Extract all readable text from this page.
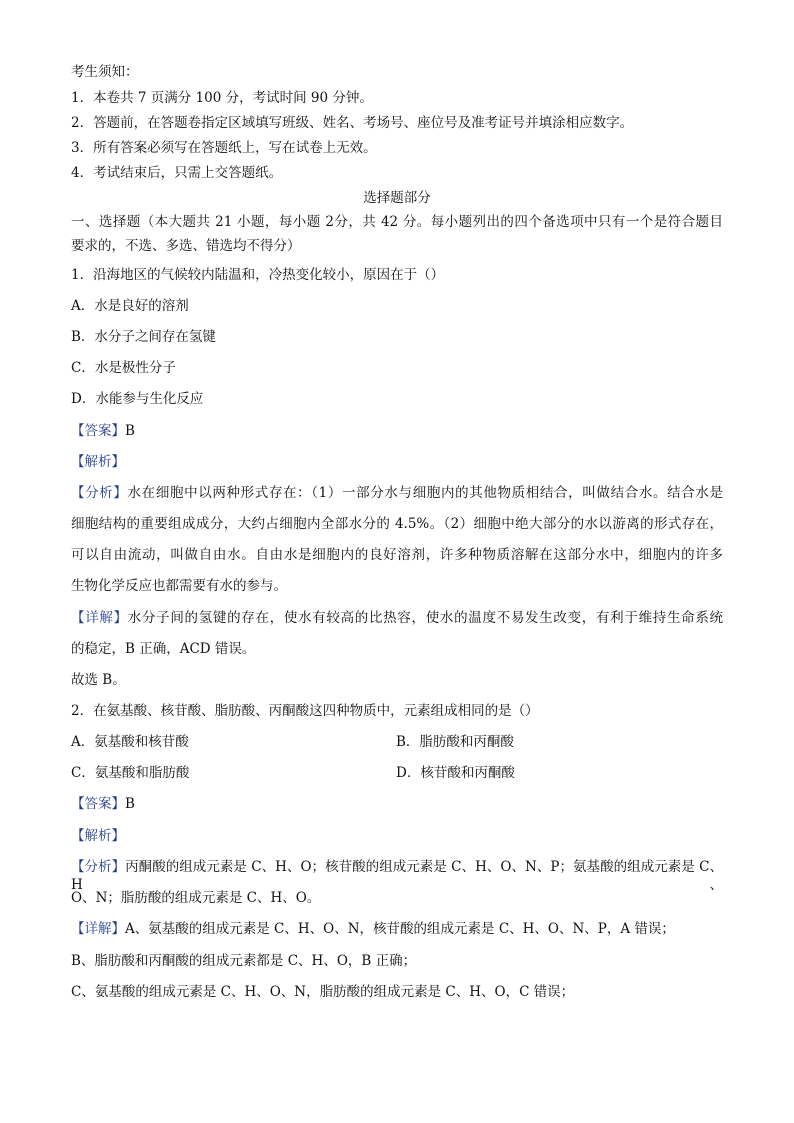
考生须知：
1．本卷共 7 页满分 100 分，考试时间 90 分钟。
2．答题前，在答题卷指定区域填写班级、姓名、考场号、座位号及准考证号并填涂相应数字。
3．所有答案必须写在答题纸上，写在试卷上无效。
4．考试结束后，只需上交答题纸。
选择题部分
一、选择题（本大题共 21 小题，每小题 2分，共 42 分。每小题列出的四个备选项中只有一个是符合题目
要求的，不选、多选、错选均不得分）
1．沿海地区的气候较内陆温和，冷热变化较小，原因在于（）
A．水是良好的溶剂
B．水分子之间存在氢键
C．水是极性分子
D．水能参与生化反应
【答案】B
【解析】
【分析】水在细胞中以两种形式存在：（1）一部分水与细胞内的其他物质相结合，叫做结合水。结合水是
细胞结构的重要组成成分，大约占细胞内全部水分的 4.5%。（2）细胞中绝大部分的水以游离的形式存在，
可以自由流动，叫做自由水。自由水是细胞内的良好溶剂，许多种物质溶解在这部分水中，细胞内的许多
生物化学反应也都需要有水的参与。
【详解】水分子间的氢键的存在，使水有较高的比热容，使水的温度不易发生改变，有利于维持生命系统
的稳定，B 正确，ACD 错误。
故选 B。
2．在氨基酸、核苷酸、脂肪酸、丙酮酸这四种物质中，元素组成相同的是（）
A．氨基酸和核苷酸	B．脂肪酸和丙酮酸
C．氨基酸和脂肪酸	D．核苷酸和丙酮酸
【答案】B
【解析】
【分析】丙酮酸的组成元素是 C、H、O；核苷酸的组成元素是 C、H、O、N、P；氨基酸的组成元素是 C、H、
O、N；脂肪酸的组成元素是 C、H、O。
【详解】A、氨基酸的组成元素是 C、H、O、N，核苷酸的组成元素是 C、H、O、N、P，A 错误；
B、脂肪酸和丙酮酸的组成元素都是 C、H、O，B 正确；
C、氨基酸的组成元素是 C、H、O、N，脂肪酸的组成元素是 C、H、O，C 错误；
